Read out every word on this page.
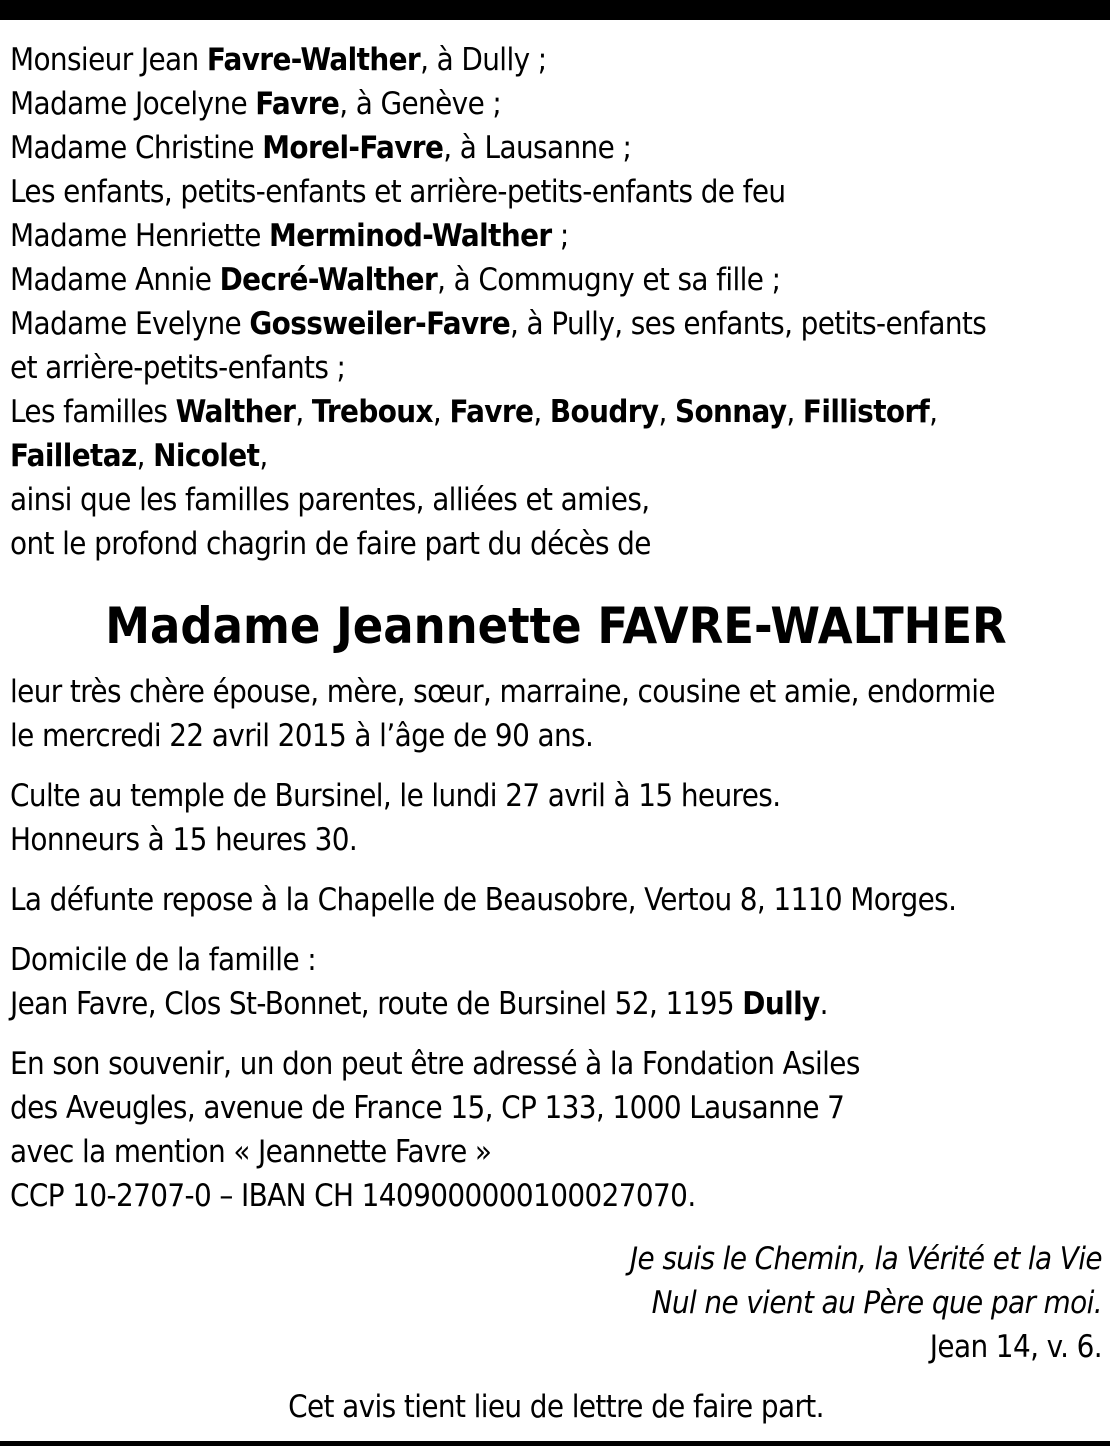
Monsieur Jean Favre-Walther, à Dully ;
Madame Jocelyne Favre, à Genève ;
Madame Christine Morel-Favre, à Lausanne ;
Les enfants, petits-enfants et arrière-petits-enfants de feu
Madame Henriette Merminod-Walther ;
Madame Annie Decré-Walther, à Commugny et sa fille ;
Madame Evelyne Gossweiler-Favre, à Pully, ses enfants, petits-enfants
et arrière-petits-enfants ;
Les familles Walther, Treboux, Favre, Boudry, Sonnay, Fillistorf,
Failletaz, Nicolet,
ainsi que les familles parentes, alliées et amies,
ont le profond chagrin de faire part du décès de
Madame Jeannette FAVRE-WALTHER
leur très chère épouse, mère, sœur, marraine, cousine et amie, endormie
le mercredi 22 avril 2015 à l’âge de 90 ans.
Culte au temple de Bursinel, le lundi 27 avril à 15 heures.
Honneurs à 15 heures 30.
La défunte repose à la Chapelle de Beausobre, Vertou 8, 1110 Morges.
Domicile de la famille :
Jean Favre, Clos St-Bonnet, route de Bursinel 52, 1195 Dully.
En son souvenir, un don peut être adressé à la Fondation Asiles
des Aveugles, avenue de France 15, CP 133, 1000 Lausanne 7
avec la mention « Jeannette Favre »
CCP 10-2707-0 – IBAN CH 1409000000100027070.
Je suis le Chemin, la Vérité et la Vie
Nul ne vient au Père que par moi.
Jean 14, v. 6.
Cet avis tient lieu de lettre de faire part.
